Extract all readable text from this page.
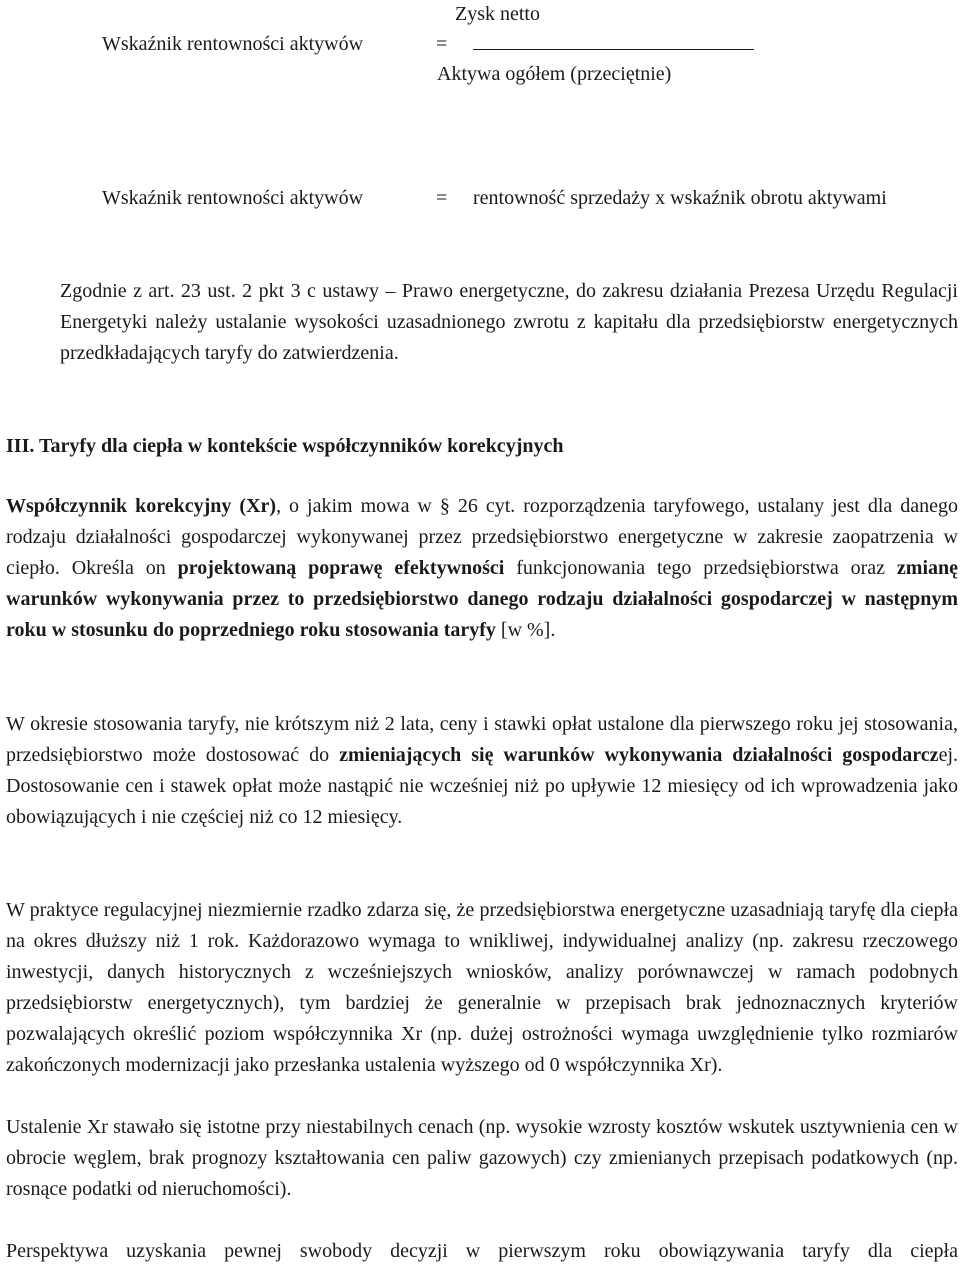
Zysk netto
Wskaźnik rentowności aktywów	=
Aktywa ogółem (przeciętnie)
Wskaźnik rentowności aktywów	= rentowność sprzedaży x wskaźnik obrotu aktywami
Zgodnie z art. 23 ust. 2 pkt 3 c ustawy – Prawo energetyczne, do zakresu działania Prezesa Urzędu Regulacji Energetyki należy ustalanie wysokości uzasadnionego zwrotu z kapitału dla przedsiębiorstw energetycznych przedkładających taryfy do zatwierdzenia.
III. Taryfy dla ciepła w kontekście współczynników korekcyjnych
Współczynnik korekcyjny (Xr), o jakim mowa w § 26 cyt. rozporządzenia taryfowego, ustalany jest dla danego rodzaju działalności gospodarczej wykonywanej przez przedsiębiorstwo energetyczne w zakresie zaopatrzenia w ciepło. Określa on projektowaną poprawę efektywności funkcjonowania tego przedsiębiorstwa oraz zmianę warunków wykonywania przez to przedsiębiorstwo danego rodzaju działalności gospodarczej w następnym roku w stosunku do poprzedniego roku stosowania taryfy [w %].
W okresie stosowania taryfy, nie krótszym niż 2 lata, ceny i stawki opłat ustalone dla pierwszego roku jej stosowania, przedsiębiorstwo może dostosować do zmieniających się warunków wykonywania działalności gospodarczej. Dostosowanie cen i stawek opłat może nastąpić nie wcześniej niż po upływie 12 miesięcy od ich wprowadzenia jako obowiązujących i nie częściej niż co 12 miesięcy.
W praktyce regulacyjnej niezmiernie rzadko zdarza się, że przedsiębiorstwa energetyczne uzasadniają taryfę dla ciepła na okres dłuższy niż 1 rok. Każdorazowo wymaga to wnikliwej, indywidualnej analizy (np. zakresu rzeczowego inwestycji, danych historycznych z wcześniejszych wniosków, analizy porównawczej w ramach podobnych przedsiębiorstw energetycznych), tym bardziej że generalnie w przepisach brak jednoznacznych kryteriów pozwalających określić poziom współczynnika Xr (np. dużej ostrożności wymaga uwzględnienie tylko rozmiarów zakończonych modernizacji jako przesłanka ustalenia wyższego od 0 współczynnika Xr).
Ustalenie Xr stawało się istotne przy niestabilnych cenach (np. wysokie wzrosty kosztów wskutek usztywnienia cen w obrocie węglem, brak prognozy kształtowania cen paliw gazowych) czy zmienianych przepisach podatkowych (np. rosnące podatki od nieruchomości).
Perspektywa uzyskania pewnej swobody decyzji w pierwszym roku obowiązywania taryfy dla ciepła
